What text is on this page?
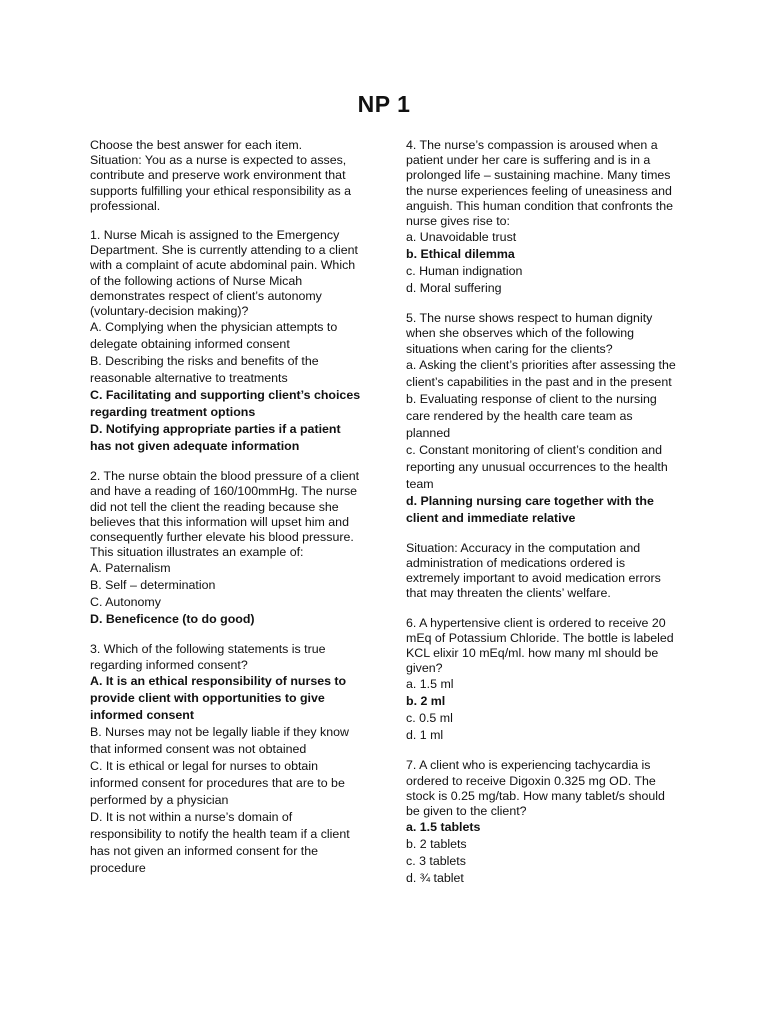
NP 1

Choose the best answer for each item.

Situation: You as a nurse is expected to asses, contribute and preserve work environment that supports fulfilling your ethical responsibility as a professional.

1. Nurse Micah is assigned to the Emergency Department. She is currently attending to a client with a complaint of acute abdominal pain. Which of the following actions of Nurse Micah demonstrates respect of client’s autonomy (voluntary-decision making)?

A. Complying when the physician attempts to delegate obtaining informed consent

B. Describing the risks and benefits of the reasonable alternative to treatments

C. Facilitating and supporting client’s choices regarding treatment options

D. Notifying appropriate parties if a patient has not given adequate information

2. The nurse obtain the blood pressure of a client and have a reading of 160/100mmHg. The nurse did not tell the client the reading because she believes that this information will upset him and consequently further elevate his blood pressure. This situation illustrates an example of:

A. Paternalism

B. Self – determination

C. Autonomy

D. Beneficence (to do good)

3. Which of the following statements is true regarding informed consent?

A. It is an ethical responsibility of nurses to provide client with opportunities to give informed consent

B. Nurses may not be legally liable if they know that informed consent was not obtained

C. It is ethical or legal for nurses to obtain informed consent for procedures that are to be performed by a physician

D. It is not within a nurse’s domain of responsibility to notify the health team if a client has not given an informed consent for the procedure

4. The nurse’s compassion is aroused when a patient under her care is suffering and is in a prolonged life – sustaining machine. Many times the nurse experiences feeling of uneasiness and anguish. This human condition that confronts the nurse gives rise to:

a. Unavoidable trust

b. Ethical dilemma

c. Human indignation

d. Moral suffering

5. The nurse shows respect to human dignity when she observes which of the following situations when caring for the clients?

a. Asking the client’s priorities after assessing the client’s capabilities in the past and in the present

b. Evaluating response of client to the nursing care rendered by the health care team as planned

c. Constant monitoring of client’s condition and reporting any unusual occurrences to the health team

d. Planning nursing care together with the client and immediate relative

Situation: Accuracy in the computation and administration of medications ordered is extremely important to avoid medication errors that may threaten the clients’ welfare.

6. A hypertensive client is ordered to receive 20 mEq of Potassium Chloride. The bottle is labeled KCL elixir 10 mEq/ml. how many ml should be given?

a. 1.5 ml

b. 2 ml

c. 0.5 ml

d. 1 ml

7. A client who is experiencing tachycardia is ordered to receive Digoxin 0.325 mg OD. The stock is 0.25 mg/tab. How many tablet/s should be given to the client?

a. 1.5 tablets

b. 2 tablets

c. 3 tablets

d. ¾ tablet
